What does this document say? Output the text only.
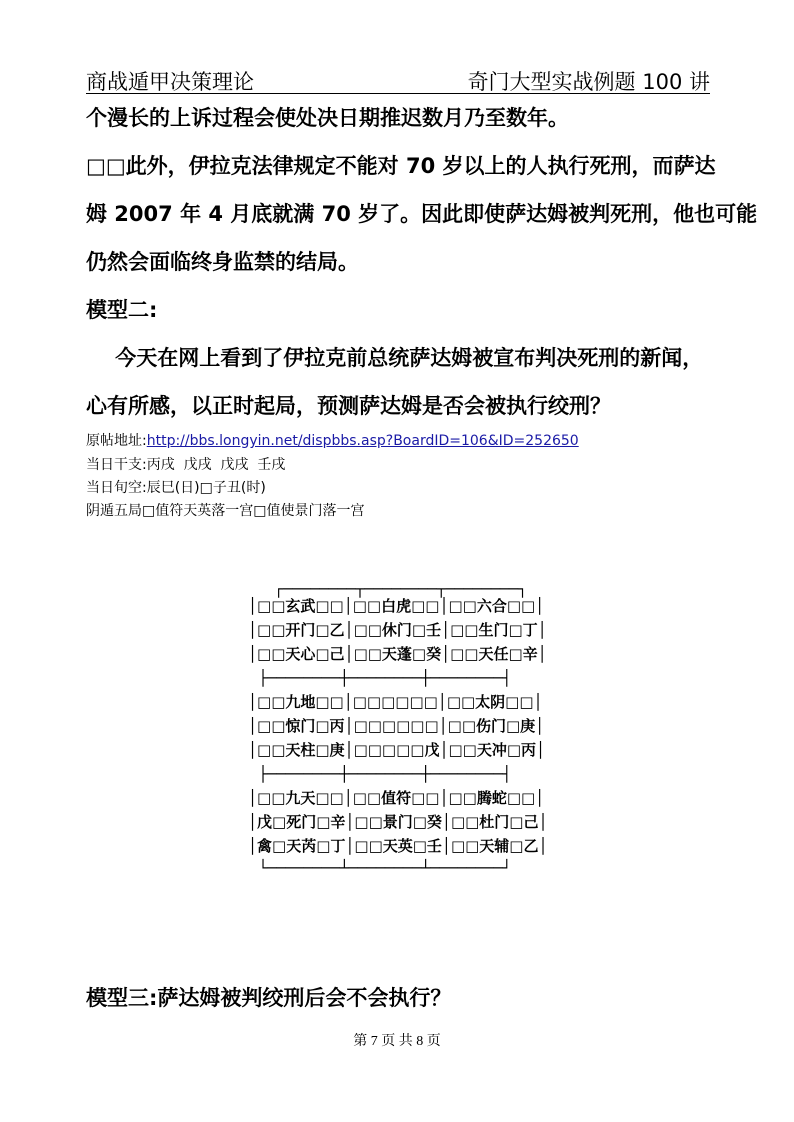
商战遁甲决策理论	奇门大型实战例题 100 讲
个漫长的上诉过程会使处决日期推迟数月乃至数年。
□□此外，伊拉克法律规定不能对 70 岁以上的人执行死刑，而萨达
姆 2007 年 4 月底就满 70 岁了。因此即使萨达姆被判死刑，他也可能
仍然会面临终身监禁的结局。
模型二:
今天在网上看到了伊拉克前总统萨达姆被宣布判决死刑的新闻，
心有所感，以正时起局，预测萨达姆是否会被执行绞刑？
原帖地址:http://bbs.longyin.net/dispbbs.asp?BoardID=106&ID=252650
当日干支:丙戌  戊戌  戊戌  壬戌
当日旬空:辰巳(日)□子丑(时)
阴遁五局□值符天英落一宫□值使景门落一宫
┌────────┬────────┬────────┐
│□□玄武□□│□□白虎□□│□□六合□□│
│□□开门□乙│□□休门□壬│□□生门□丁│
│□□天心□己│□□天蓬□癸│□□天任□辛│
├────────┼────────┼────────┤
│□□九地□□│□□□□□□│□□太阴□□│
│□□惊门□丙│□□□□□□│□□伤门□庚│
│□□天柱□庚│□□□□□戊│□□天冲□丙│
├────────┼────────┼────────┤
│□□九天□□│□□值符□□│□□腾蛇□□│
│戊□死门□辛│□□景门□癸│□□杜门□己│
│禽□天芮□丁│□□天英□壬│□□天辅□乙│
└────────┴────────┴────────┘
模型三:萨达姆被判绞刑后会不会执行？
第 7 页 共 8 页
